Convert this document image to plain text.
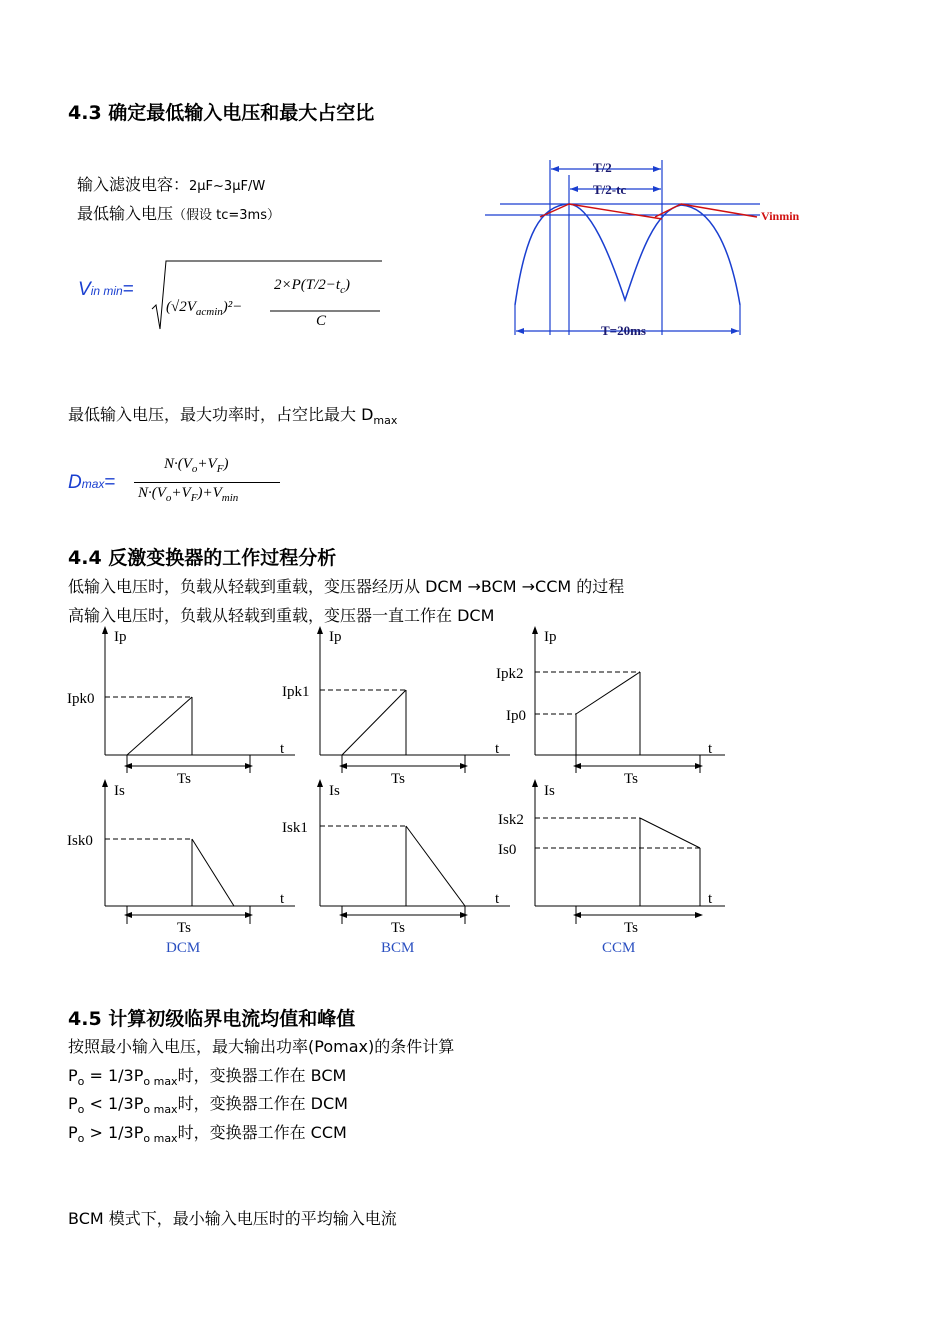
4.3 确定最低输入电压和最大占空比
输入滤波电容：2μF~3μF/W
最低输入电压（假设 tc=3ms）
Vin min=
$(√2V_{acmin})^2-$
$2\times P(T/2-t_c)$
C
T/2
T/2-tc
Vinmin
T=20ms
最低输入电压，最大功率时，占空比最大 $D_{max}$
Dmax=
$N\cdot(V_o+V_F)$
$N\cdot(V_o+V_F)+V_{min}$
4.4 反激变换器的工作过程分析
低输入电压时，负载从轻载到重载，变压器经历从 DCM →BCM →CCM 的过程
高输入电压时，负载从轻载到重载，变压器一直工作在 DCM
Ip
Ipk0
t
Ts
Ip
Ipk1
t
Ts
Ip
Ipk2
Ip0
t
Ts
Is
Isk0
t
Ts
DCM
Is
Isk1
t
Ts
BCM
Is
Isk2
Is0
t
Ts
CCM
4.5 计算初级临界电流均值和峰值
按照最小输入电压，最大输出功率(Pomax)的条件计算
$P_o = 1/3P_{o max}$时，变换器工作在 BCM
$P_o < 1/3P_{o max}$时，变换器工作在 DCM
$P_o > 1/3P_{o max}$时，变换器工作在 CCM
BCM 模式下，最小输入电压时的平均输入电流
